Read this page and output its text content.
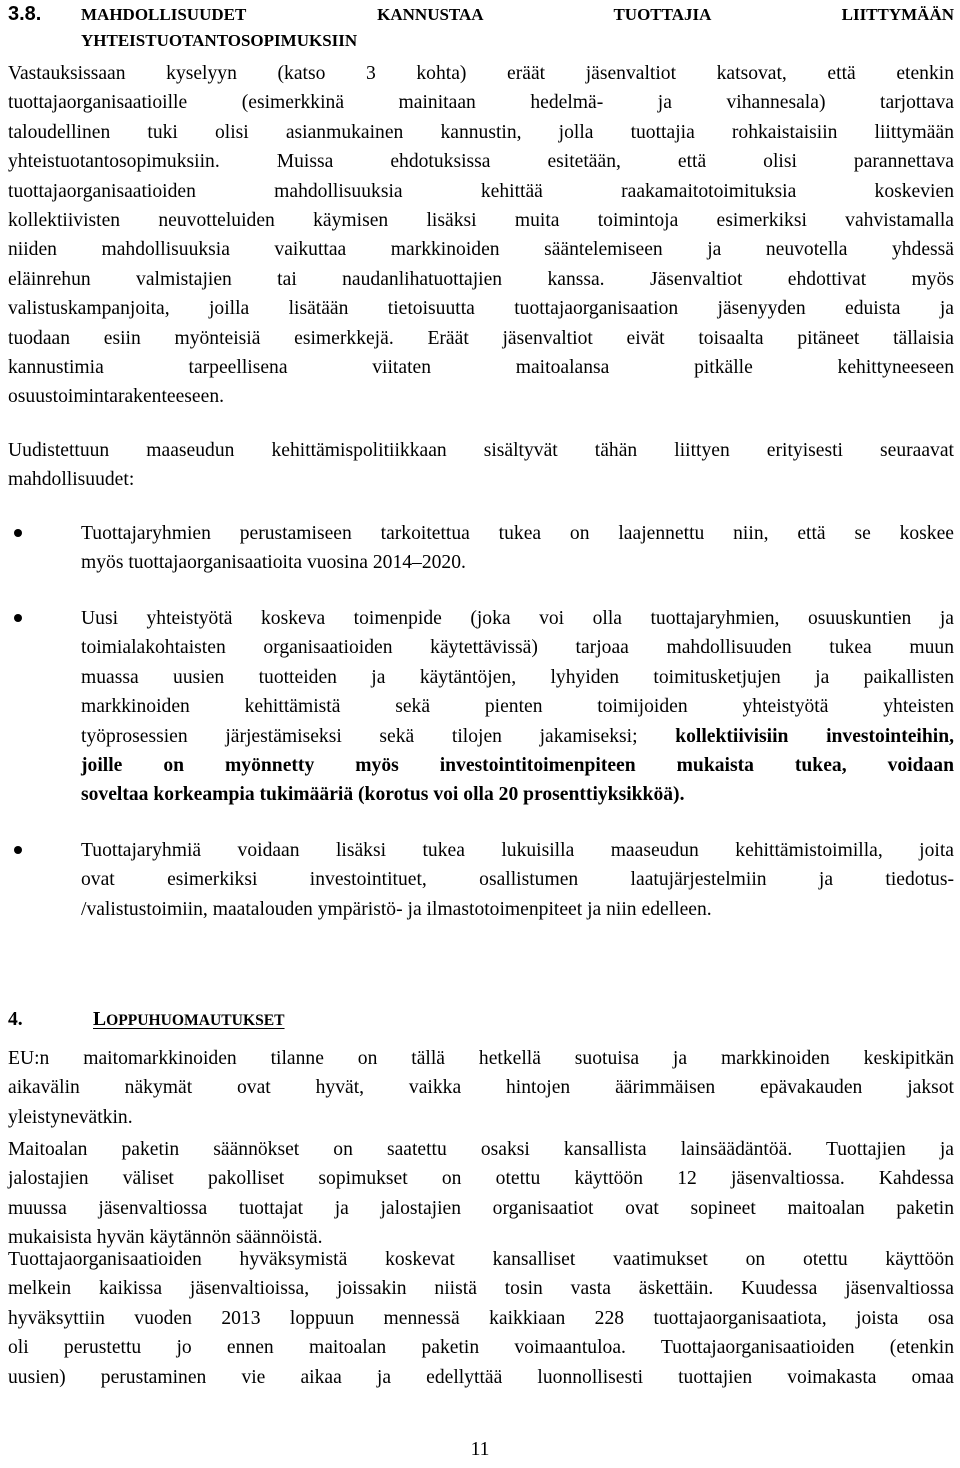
3.8. MAHDOLLISUUDET	KANNUSTAA	TUOTTAJIA	LIITTYMÄÄN
YHTEISTUOTANTOSOPIMUKSIIN
Vastauksissaan kyselyyn (katso 3 kohta) eräät jäsenvaltiot katsovat, että etenkin
tuottajaorganisaatioille (esimerkkinä mainitaan hedelmä- ja vihannesala) tarjottava
taloudellinen tuki olisi asianmukainen kannustin, jolla tuottajia rohkaistaisiin liittymään
yhteistuotantosopimuksiin. Muissa ehdotuksissa esitetään, että olisi parannettava
tuottajaorganisaatioiden mahdollisuuksia kehittää raakamaitotoimituksia koskevien
kollektiivisten neuvotteluiden käymisen lisäksi muita toimintoja esimerkiksi vahvistamalla
niiden mahdollisuuksia vaikuttaa markkinoiden sääntelemiseen ja neuvotella yhdessä
eläinrehun valmistajien tai naudanlihatuottajien kanssa. Jäsenvaltiot ehdottivat myös
valistuskampanjoita, joilla lisätään tietoisuutta tuottajaorganisaation jäsenyyden eduista ja
tuodaan esiin myönteisiä esimerkkejä. Eräät jäsenvaltiot eivät toisaalta pitäneet tällaisia
kannustimia tarpeellisena viitaten maitoalansa pitkälle kehittyneeseen
osuustoimintarakenteeseen.
Uudistettuun maaseudun kehittämispolitiikkaan sisältyvät tähän liittyen erityisesti seuraavat
mahdollisuudet:
Tuottajaryhmien perustamiseen tarkoitettua tukea on laajennettu niin, että se koskee
myös tuottajaorganisaatioita vuosina 2014–2020.
Uusi yhteistyötä koskeva toimenpide (joka voi olla tuottajaryhmien, osuuskuntien ja
toimialakohtaisten organisaatioiden käytettävissä) tarjoaa mahdollisuuden tukea muun
muassa uusien tuotteiden ja käytäntöjen, lyhyiden toimitusketjujen ja paikallisten
markkinoiden kehittämistä sekä pienten toimijoiden yhteistyötä yhteisten
työprosessien järjestämiseksi sekä tilojen jakamiseksi; kollektiivisiin investointeihin,
joille on myönnetty myös investointitoimenpiteen mukaista tukea, voidaan
soveltaa korkeampia tukimääriä (korotus voi olla 20 prosenttiyksikköä).
Tuottajaryhmiä voidaan lisäksi tukea lukuisilla maaseudun kehittämistoimilla, joita
ovat esimerkiksi investointituet, osallistumen laatujärjestelmiin ja tiedotus-
/valistustoimiin, maatalouden ympäristö- ja ilmastotoimenpiteet ja niin edelleen.
4.	LOPPUHUOMAUTUKSET
EU:n maitomarkkinoiden tilanne on tällä hetkellä suotuisa ja markkinoiden keskipitkän
aikavälin näkymät ovat hyvät, vaikka hintojen äärimmäisen epävakauden jaksot
yleistynevätkin.
Maitoalan paketin säännökset on saatettu osaksi kansallista lainsäädäntöä. Tuottajien ja
jalostajien väliset pakolliset sopimukset on otettu käyttöön 12 jäsenvaltiossa. Kahdessa
muussa jäsenvaltiossa tuottajat ja jalostajien organisaatiot ovat sopineet maitoalan paketin
mukaisista hyvän käytännön säännöistä.
Tuottajaorganisaatioiden hyväksymistä koskevat kansalliset vaatimukset on otettu käyttöön
melkein kaikissa jäsenvaltioissa, joissakin niistä tosin vasta äskettäin. Kuudessa jäsenvaltiossa
hyväksyttiin vuoden 2013 loppuun mennessä kaikkiaan 228 tuottajaorganisaatiota, joista osa
oli perustettu jo ennen maitoalan paketin voimaantuloa. Tuottajaorganisaatioiden (etenkin
uusien) perustaminen vie aikaa ja edellyttää luonnollisesti tuottajien voimakasta omaa
11
